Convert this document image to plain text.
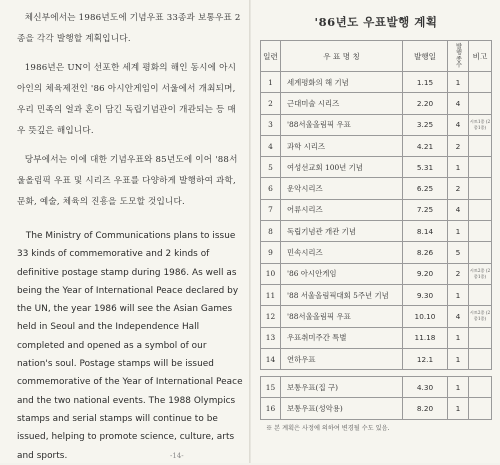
체신부에서는 1986년도에 기념우표 33종과 보통우표 2종을 각각 발행할 계획입니다.

1986년은 UN이 선포한 세계 평화의 해인 동시에 아시아인의 체육제전인 '86 아시안게임이 서울에서 개최되며, 우리 민족의 얼과 혼이 담긴 독립기념관이 개관되는 등 매우 뜻깊은 해입니다.

당부에서는 이에 대한 기념우표와 85년도에 이어 '88서울올림픽 우표 및 시리즈 우표를 다양하게 발행하여 과학, 문화, 예술, 체육의 진흥을 도모할 것입니다.

The Ministry of Communications plans to issue 33 kinds of commemorative and 2 kinds of definitive postage stamp during 1986. As well as being the Year of International Peace declared by the UN, the year 1986 will see the Asian Games held in Seoul and the Independence Hall completed and opened as a symbol of our nation's soul. Postage stamps will be issued commemorative of the Year of International Peace and the two national events. The 1988 Olympics stamps and serial stamps will continue to be issued, helping to promote science, culture, arts and sports.	-14-
'86년도 우표발행 계획
일련	우 표 명 칭	발행일	발행종수	비고
1	세계평화의 해 기념	1.15	1	
2	근대미술 시리즈	2.20	4	
3	'88서울올림픽 우표	3.25	4	시트1종 (2종1종)
4	과학 시리즈	4.21	2	
5	여성선교회 100년 기념	5.31	1	
6	운악시리즈	6.25	2	
7	어류시리즈	7.25	4	
8	독립기념관 개관 기념	8.14	1	
9	민속시리즈	8.26	5	
10	'86 아시안게임	9.20	2	시트2종 (2종1종)
11	'88 서울올림픽대회 5주년 기념	9.30	1	
12	'88서울올림픽 우표	10.10	4	시트2종 (2종1종)
13	우표취미주간 특별	11.18	1	
14	연하우표	12.1	1	

15	보통우표(집 구)	4.30	1	
16	보통우표(성악용)	8.20	1	
※ 본 계획은 사정에 의하여 변경될 수도 있음.
